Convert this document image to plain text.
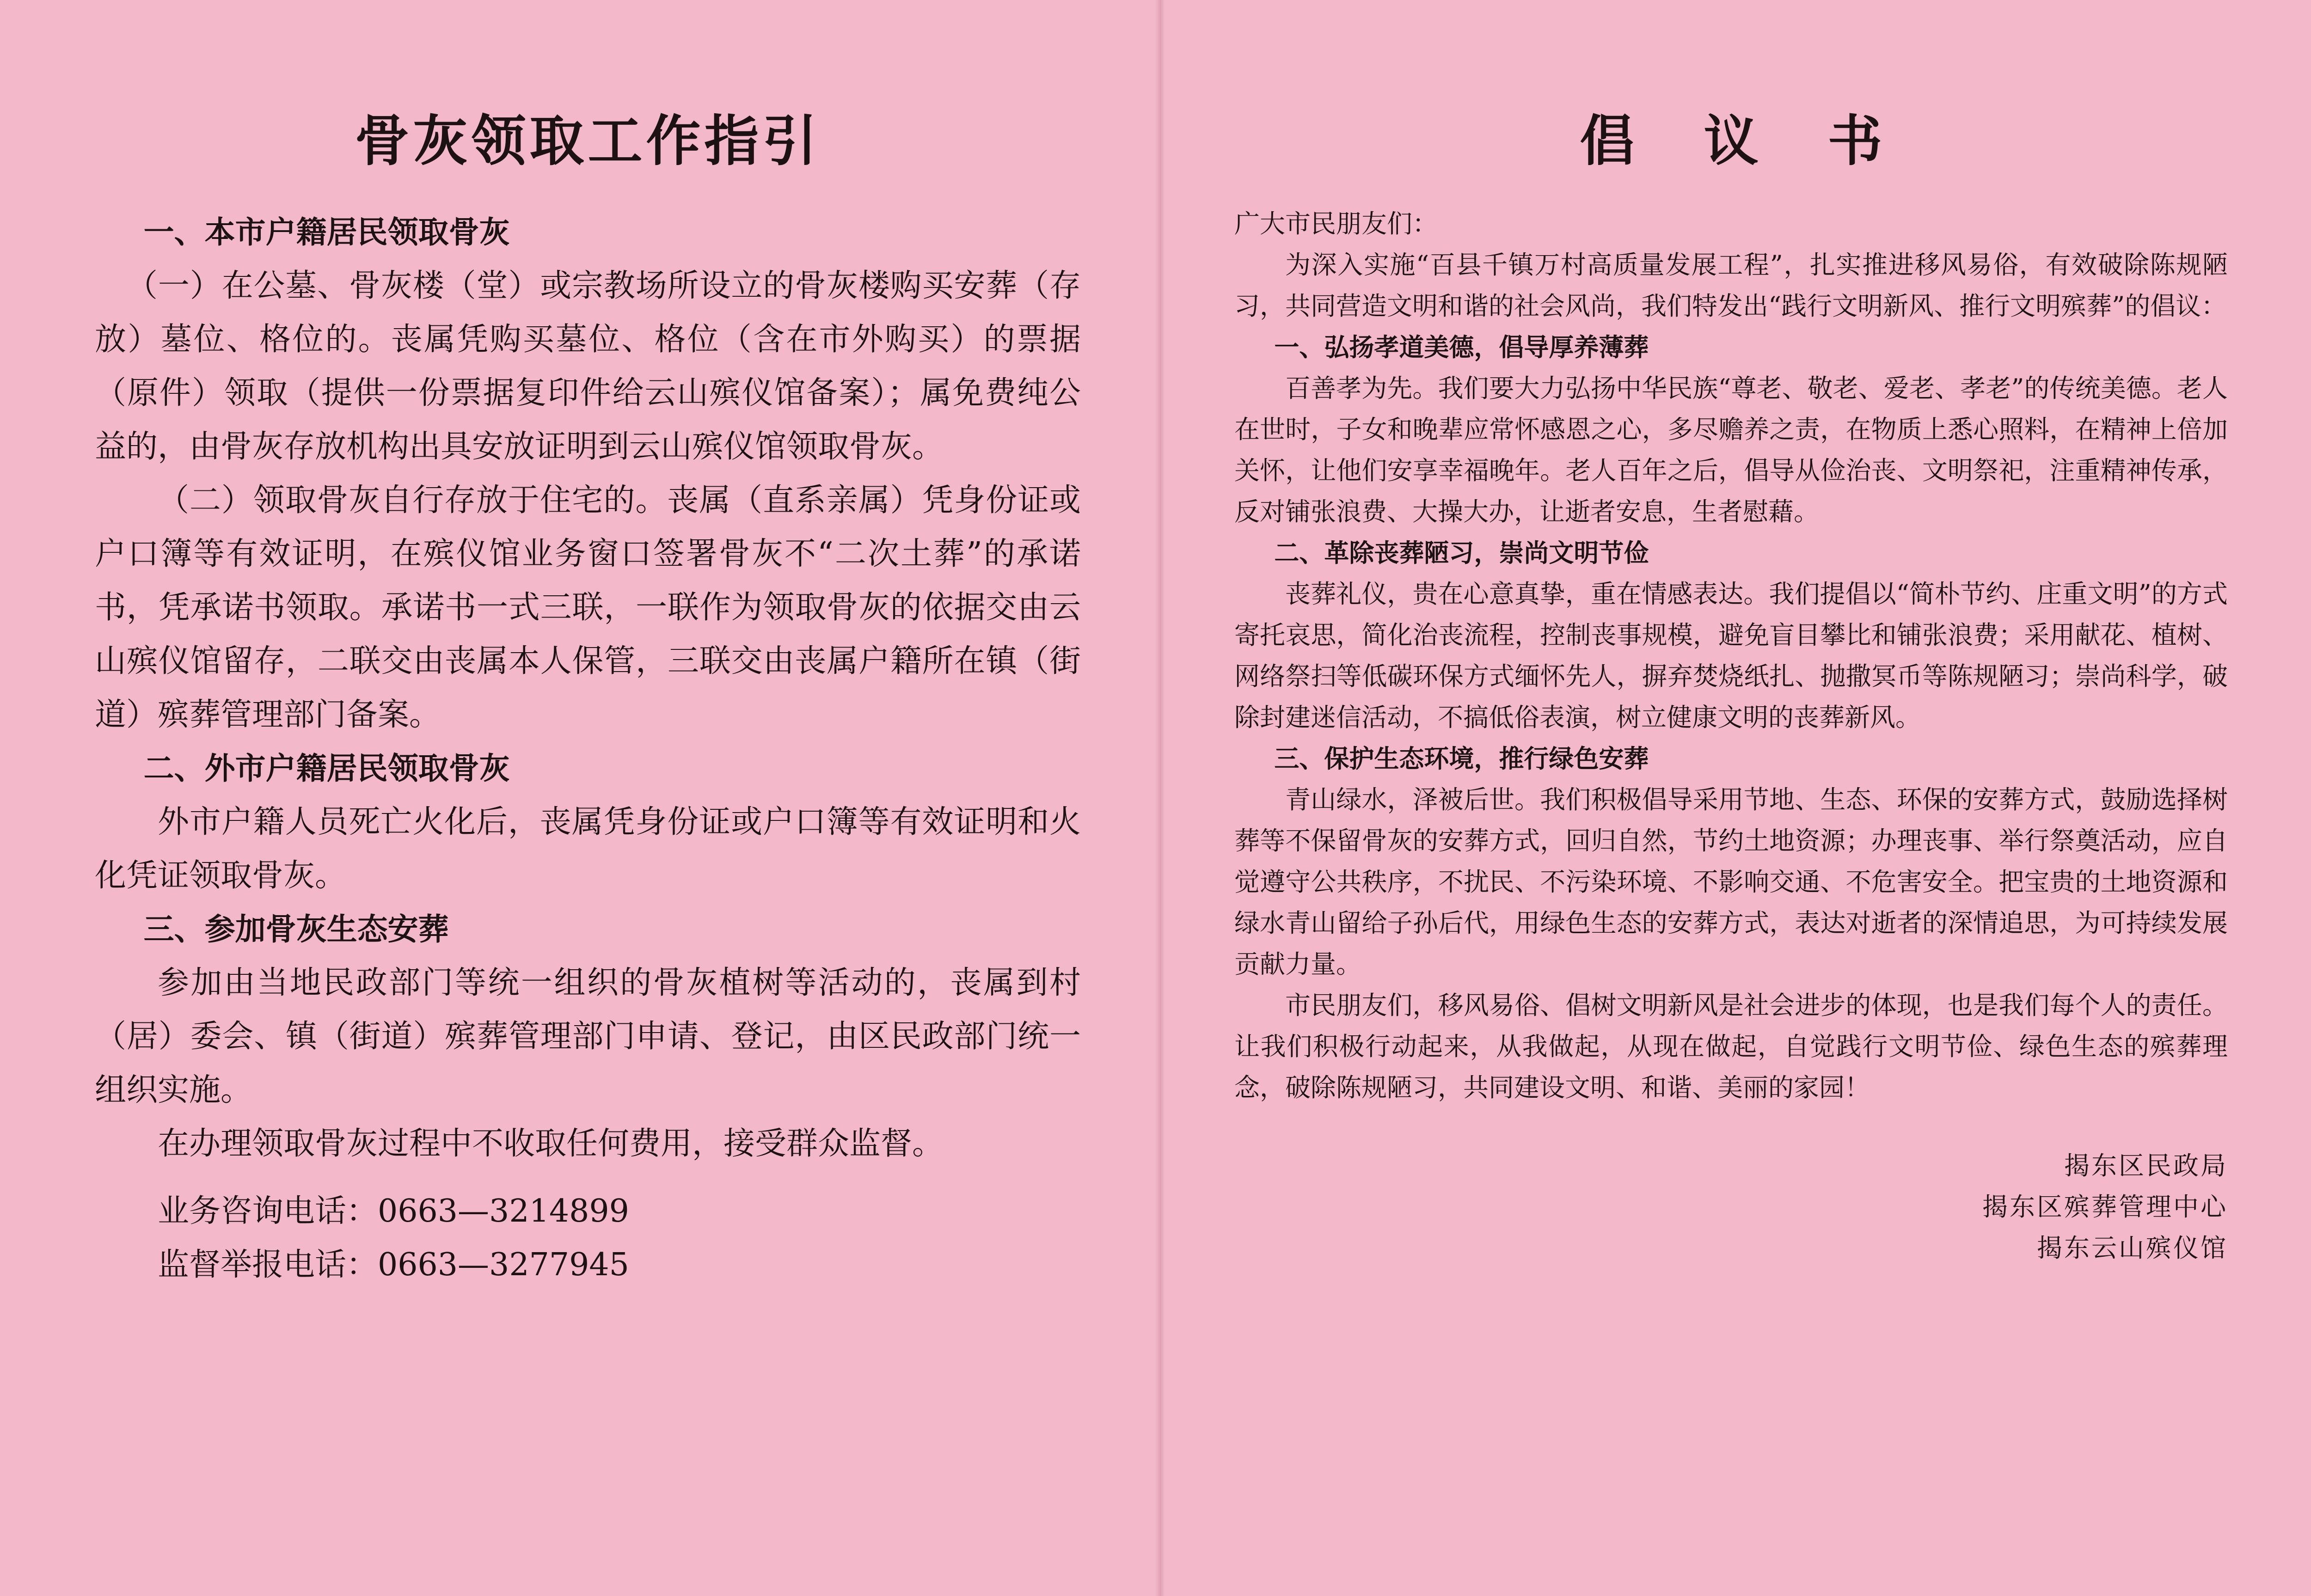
骨灰领取工作指引
一、本市户籍居民领取骨灰

（一）在公墓、骨灰楼（堂）或宗教场所设立的骨灰楼购买安葬（存放）墓位、格位的。丧属凭购买墓位、格位（含在市外购买）的票据（原件）领取（提供一份票据复印件给云山殡仪馆备案）；属免费纯公益的，由骨灰存放机构出具安放证明到云山殡仪馆领取骨灰。

（二）领取骨灰自行存放于住宅的。丧属（直系亲属）凭身份证或户口簿等有效证明，在殡仪馆业务窗口签署骨灰不“二次土葬”的承诺书，凭承诺书领取。承诺书一式三联，一联作为领取骨灰的依据交由云山殡仪馆留存，二联交由丧属本人保管，三联交由丧属户籍所在镇（街道）殡葬管理部门备案。

二、外市户籍居民领取骨灰

外市户籍人员死亡火化后，丧属凭身份证或户口簿等有效证明和火化凭证领取骨灰。

三、参加骨灰生态安葬

参加由当地民政部门等统一组织的骨灰植树等活动的，丧属到村（居）委会、镇（街道）殡葬管理部门申请、登记，由区民政部门统一组织实施。

在办理领取骨灰过程中不收取任何费用，接受群众监督。

业务咨询电话：0663—3214899

监督举报电话：0663—3277945

倡议书

广大市民朋友们：

为深入实施“百县千镇万村高质量发展工程”，扎实推进移风易俗，有效破除陈规陋习，共同营造文明和谐的社会风尚，我们特发出“践行文明新风、推行文明殡葬”的倡议：

一、弘扬孝道美德，倡导厚养薄葬

百善孝为先。我们要大力弘扬中华民族“尊老、敬老、爱老、孝老”的传统美德。老人在世时，子女和晚辈应常怀感恩之心，多尽赡养之责，在物质上悉心照料，在精神上倍加关怀，让他们安享幸福晚年。老人百年之后，倡导从俭治丧、文明祭祀，注重精神传承，反对铺张浪费、大操大办，让逝者安息，生者慰藉。

二、革除丧葬陋习，崇尚文明节俭

丧葬礼仪，贵在心意真挚，重在情感表达。我们提倡以“简朴节约、庄重文明”的方式寄托哀思，简化治丧流程，控制丧事规模，避免盲目攀比和铺张浪费；采用献花、植树、网络祭扫等低碳环保方式缅怀先人，摒弃焚烧纸扎、抛撒冥币等陈规陋习；崇尚科学，破除封建迷信活动，不搞低俗表演，树立健康文明的丧葬新风。

三、保护生态环境，推行绿色安葬

青山绿水，泽被后世。我们积极倡导采用节地、生态、环保的安葬方式，鼓励选择树葬等不保留骨灰的安葬方式，回归自然，节约土地资源；办理丧事、举行祭奠活动，应自觉遵守公共秩序，不扰民、不污染环境、不影响交通、不危害安全。把宝贵的土地资源和绿水青山留给子孙后代，用绿色生态的安葬方式，表达对逝者的深情追思，为可持续发展贡献力量。

市民朋友们，移风易俗、倡树文明新风是社会进步的体现，也是我们每个人的责任。让我们积极行动起来，从我做起，从现在做起，自觉践行文明节俭、绿色生态的殡葬理念，破除陈规陋习，共同建设文明、和谐、美丽的家园！

揭东区民政局

揭东区殡葬管理中心

揭东云山殡仪馆
